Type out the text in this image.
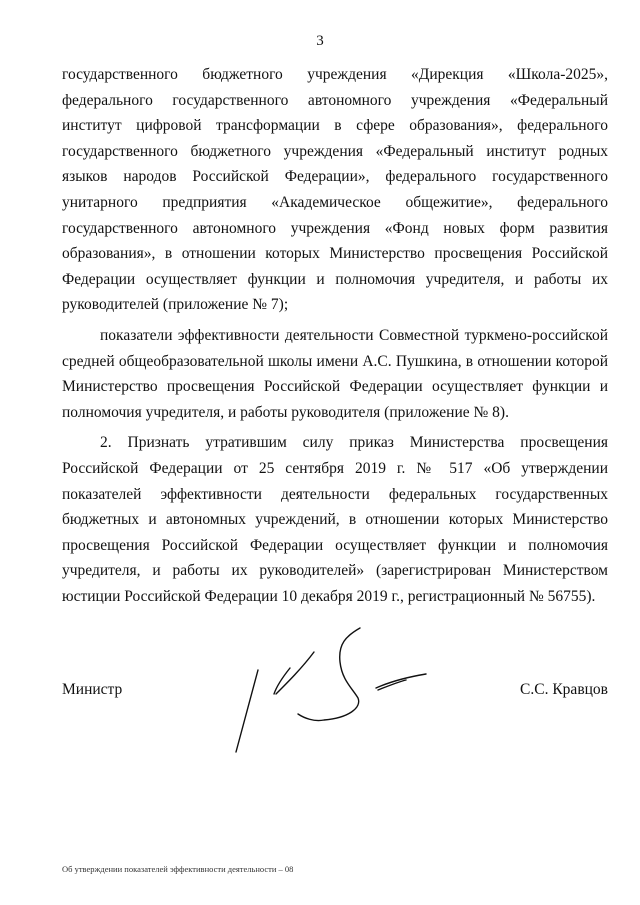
3

государственного бюджетного учреждения «Дирекция «Школа-2025», федерального государственного автономного учреждения «Федеральный институт цифровой трансформации в сфере образования», федерального государственного бюджетного учреждения «Федеральный институт родных языков народов Российской Федерации», федерального государственного унитарного предприятия «Академическое общежитие», федерального государственного автономного учреждения «Фонд новых форм развития образования», в отношении которых Министерство просвещения Российской Федерации осуществляет функции и полномочия учредителя, и работы их руководителей (приложение № 7);

показатели эффективности деятельности Совместной туркмено-российской средней общеобразовательной школы имени А.С. Пушкина, в отношении которой Министерство просвещения Российской Федерации осуществляет функции и полномочия учредителя, и работы руководителя (приложение № 8).

2. Признать утратившим силу приказ Министерства просвещения Российской Федерации от 25 сентября 2019 г. № 517 «Об утверждении показателей эффективности деятельности федеральных государственных бюджетных и автономных учреждений, в отношении которых Министерство просвещения Российской Федерации осуществляет функции и полномочия учредителя, и работы их руководителей» (зарегистрирован Министерством юстиции Российской Федерации 10 декабря 2019 г., регистрационный № 56755).

Министр	С.С. Кравцов
Об утверждении показателей эффективности деятельности – 08
